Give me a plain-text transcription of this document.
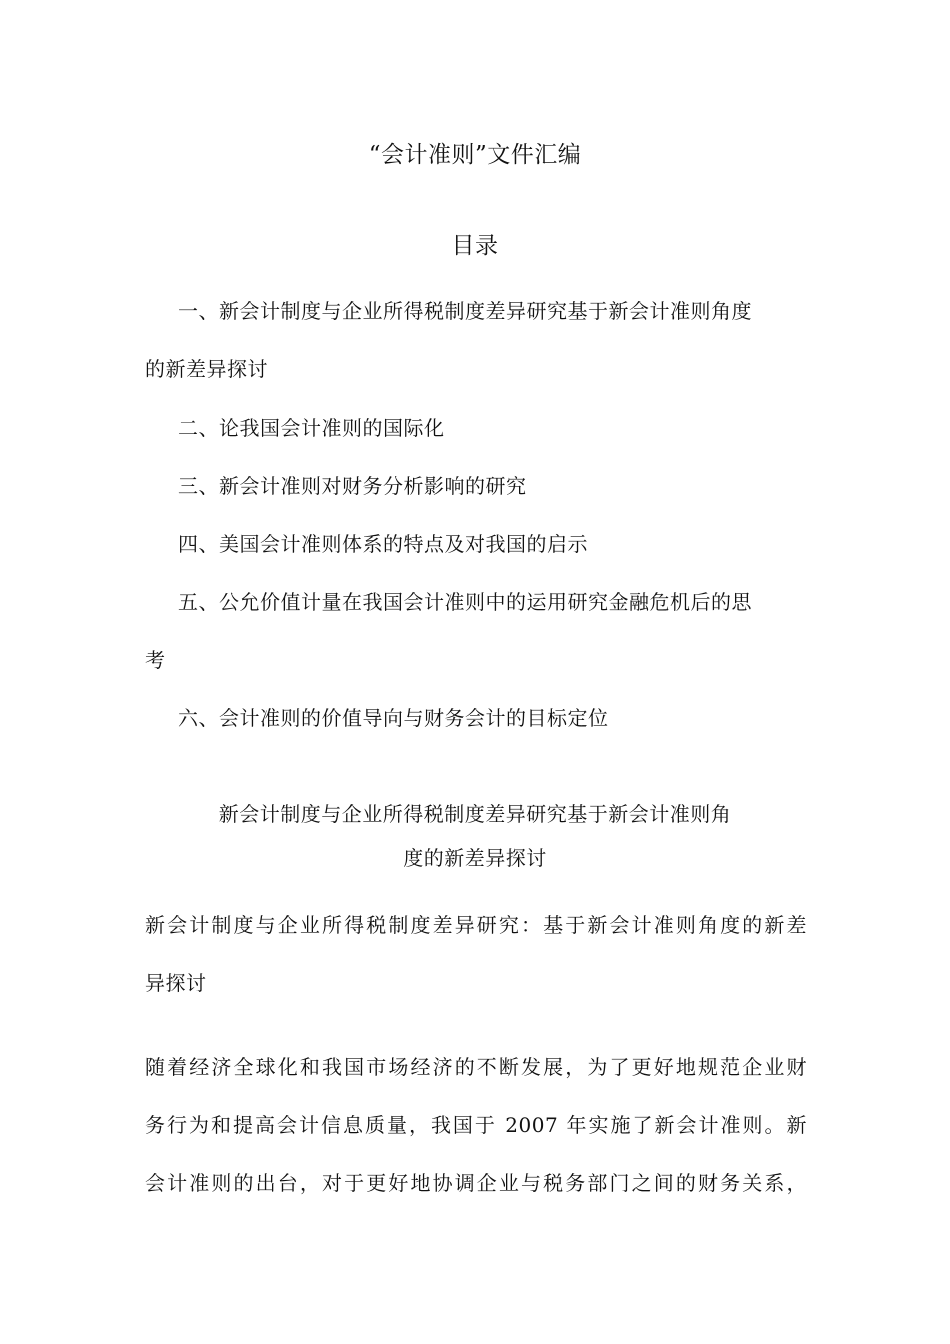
“会计准则”文件汇编
目录
一、新会计制度与企业所得税制度差异研究基于新会计准则角度
的新差异探讨
二、论我国会计准则的国际化
三、新会计准则对财务分析影响的研究
四、美国会计准则体系的特点及对我国的启示
五、公允价值计量在我国会计准则中的运用研究金融危机后的思
考
六、会计准则的价值导向与财务会计的目标定位
新会计制度与企业所得税制度差异研究基于新会计准则角
度的新差异探讨
新会计制度与企业所得税制度差异研究：基于新会计准则角度的新差
异探讨
随着经济全球化和我国市场经济的不断发展，为了更好地规范企业财
务行为和提高会计信息质量，我国于 2007 年实施了新会计准则。新
会计准则的出台，对于更好地协调企业与税务部门之间的财务关系，
